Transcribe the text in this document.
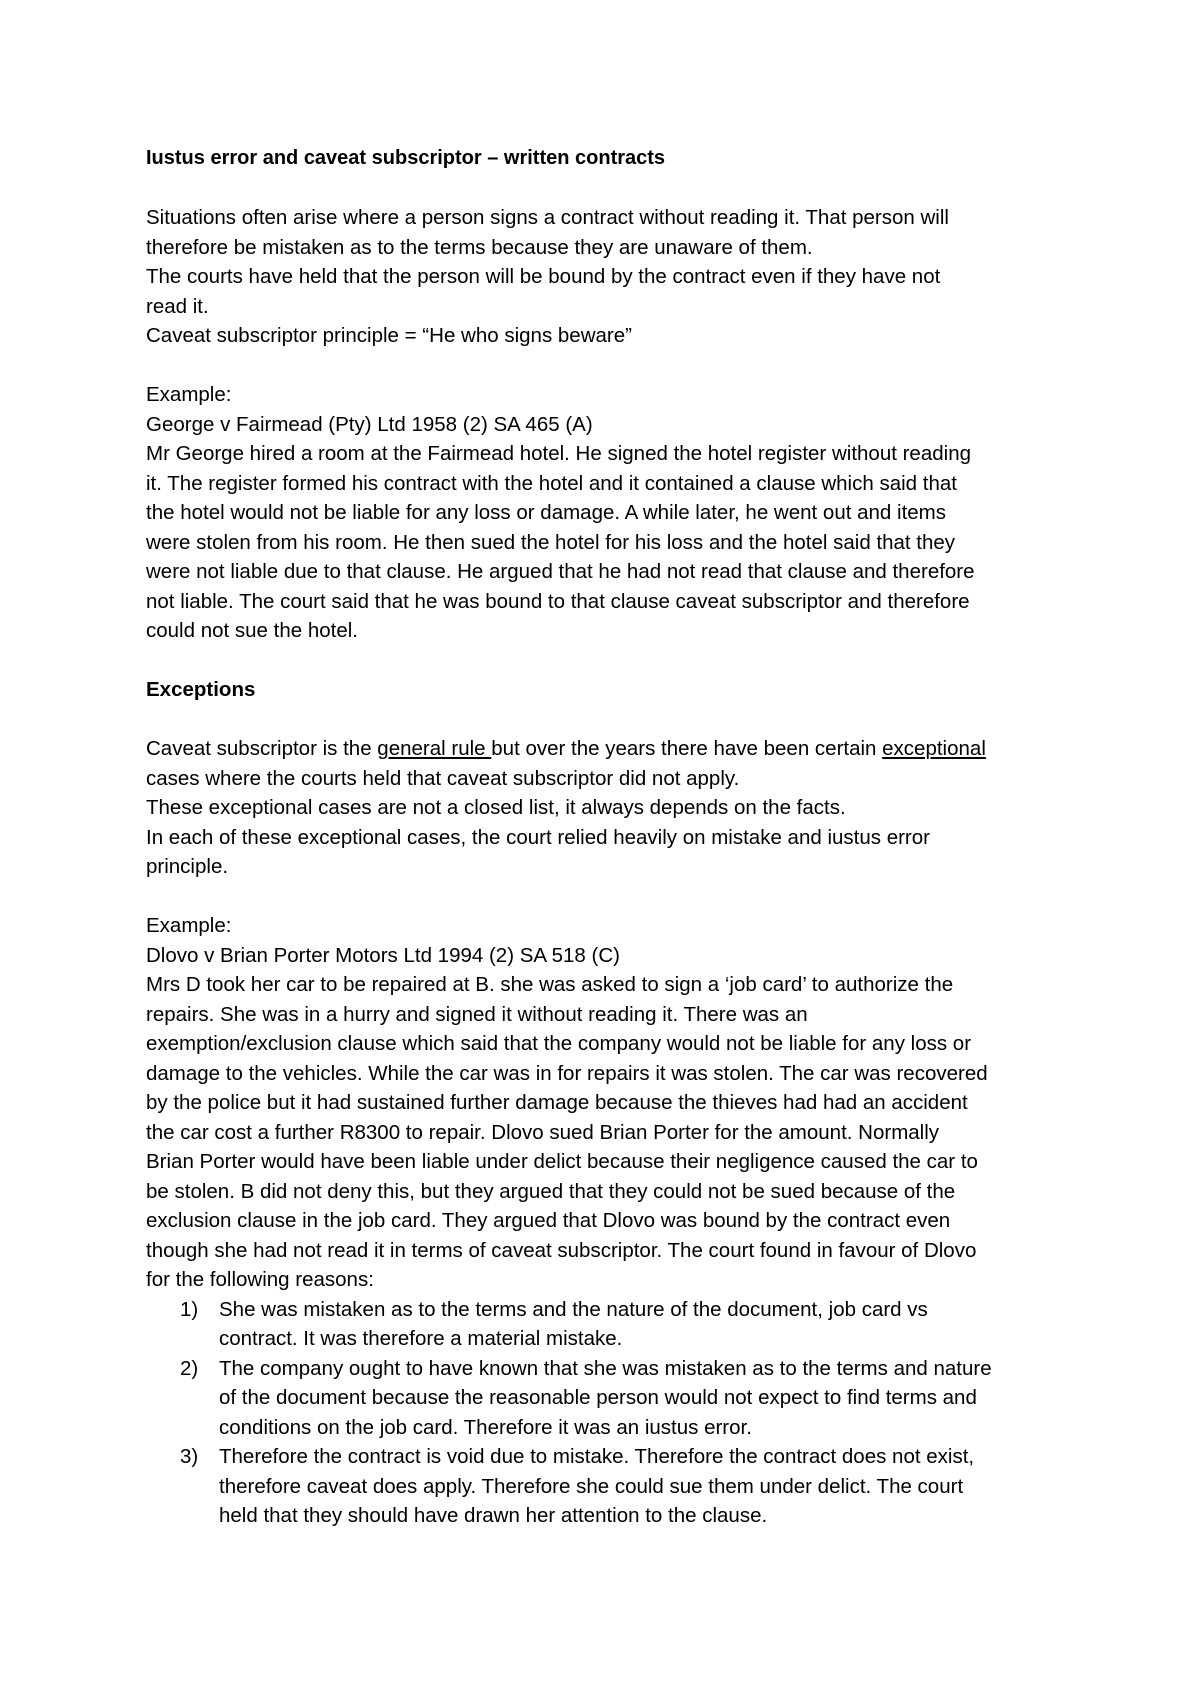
Iustus error and caveat subscriptor – written contracts
Situations often arise where a person signs a contract without reading it. That person will
therefore be mistaken as to the terms because they are unaware of them.
The courts have held that the person will be bound by the contract even if they have not
read it.
Caveat subscriptor principle = “He who signs beware”
Example:
George v Fairmead (Pty) Ltd 1958 (2) SA 465 (A)
Mr George hired a room at the Fairmead hotel. He signed the hotel register without reading
it. The register formed his contract with the hotel and it contained a clause which said that
the hotel would not be liable for any loss or damage. A while later, he went out and items
were stolen from his room. He then sued the hotel for his loss and the hotel said that they
were not liable due to that clause. He argued that he had not read that clause and therefore
not liable. The court said that he was bound to that clause caveat subscriptor and therefore
could not sue the hotel.
Exceptions
Caveat subscriptor is the general rule but over the years there have been certain exceptional
cases where the courts held that caveat subscriptor did not apply.
These exceptional cases are not a closed list, it always depends on the facts.
In each of these exceptional cases, the court relied heavily on mistake and iustus error
principle.
Example:
Dlovo v Brian Porter Motors Ltd 1994 (2) SA 518 (C)
Mrs D took her car to be repaired at B. she was asked to sign a ‘job card’ to authorize the
repairs. She was in a hurry and signed it without reading it. There was an
exemption/exclusion clause which said that the company would not be liable for any loss or
damage to the vehicles. While the car was in for repairs it was stolen. The car was recovered
by the police but it had sustained further damage because the thieves had had an accident
the car cost a further R8300 to repair. Dlovo sued Brian Porter for the amount. Normally
Brian Porter would have been liable under delict because their negligence caused the car to
be stolen. B did not deny this, but they argued that they could not be sued because of the
exclusion clause in the job card. They argued that Dlovo was bound by the contract even
though she had not read it in terms of caveat subscriptor. The court found in favour of Dlovo
for the following reasons:
1) She was mistaken as to the terms and the nature of the document, job card vs
contract. It was therefore a material mistake.
2) The company ought to have known that she was mistaken as to the terms and nature
of the document because the reasonable person would not expect to find terms and
conditions on the job card. Therefore it was an iustus error.
3) Therefore the contract is void due to mistake. Therefore the contract does not exist,
therefore caveat does apply. Therefore she could sue them under delict. The court
held that they should have drawn her attention to the clause.
